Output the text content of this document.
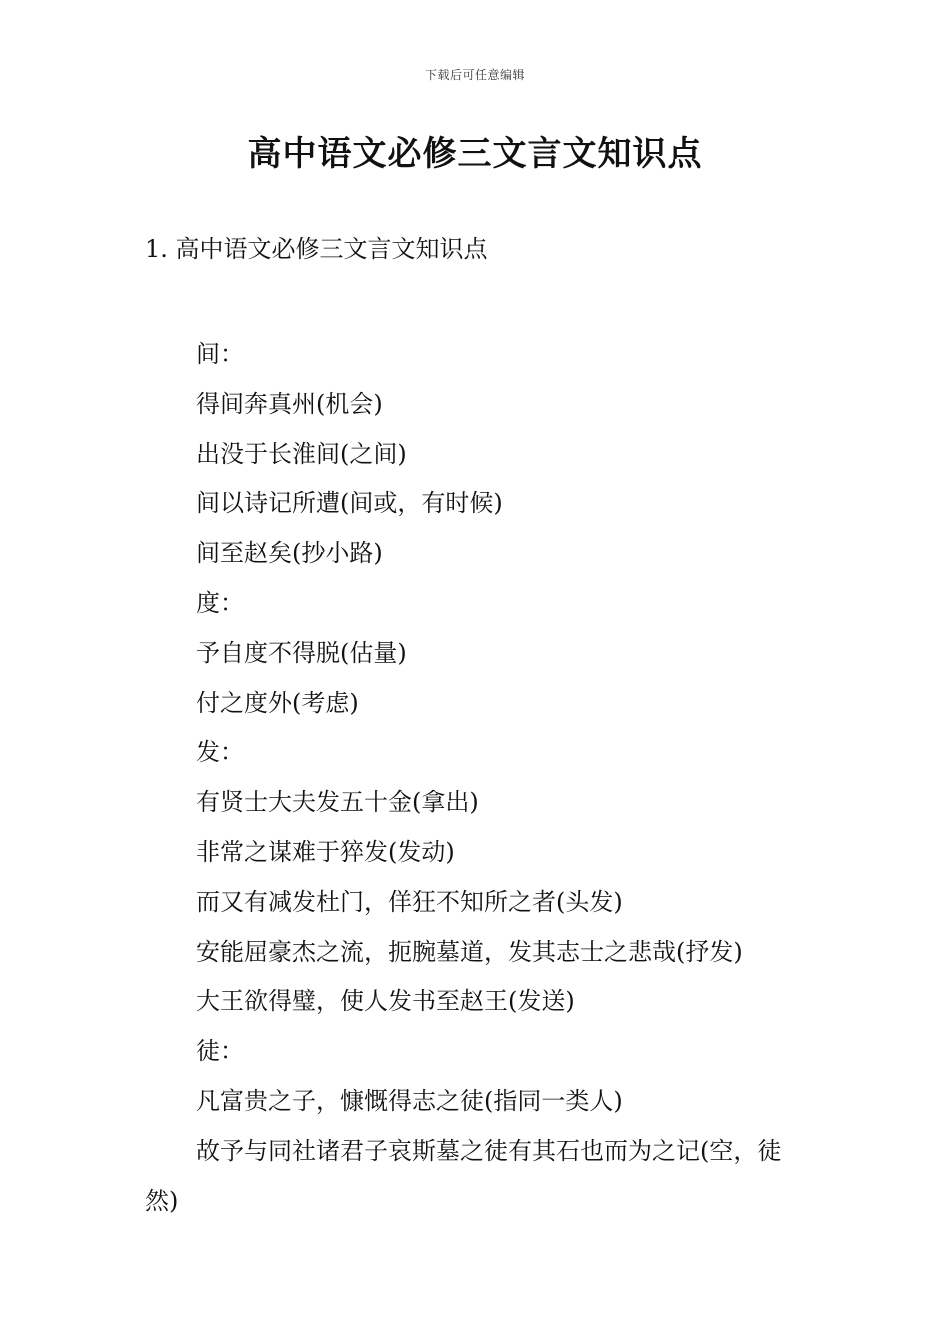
下载后可任意编辑
高中语文必修三文言文知识点
1. 高中语文必修三文言文知识点
间：
得间奔真州(机会)
出没于长淮间(之间)
间以诗记所遭(间或，有时候)
间至赵矣(抄小路)
度：
予自度不得脱(估量)
付之度外(考虑)
发：
有贤士大夫发五十金(拿出)
非常之谋难于猝发(发动)
而又有减发杜门，佯狂不知所之者(头发)
安能屈豪杰之流，扼腕墓道，发其志士之悲哉(抒发)
大王欲得璧，使人发书至赵王(发送)
徒：
凡富贵之子，慷慨得志之徒(指同一类人)
故予与同社诸君子哀斯墓之徒有其石也而为之记(空，徒然)
